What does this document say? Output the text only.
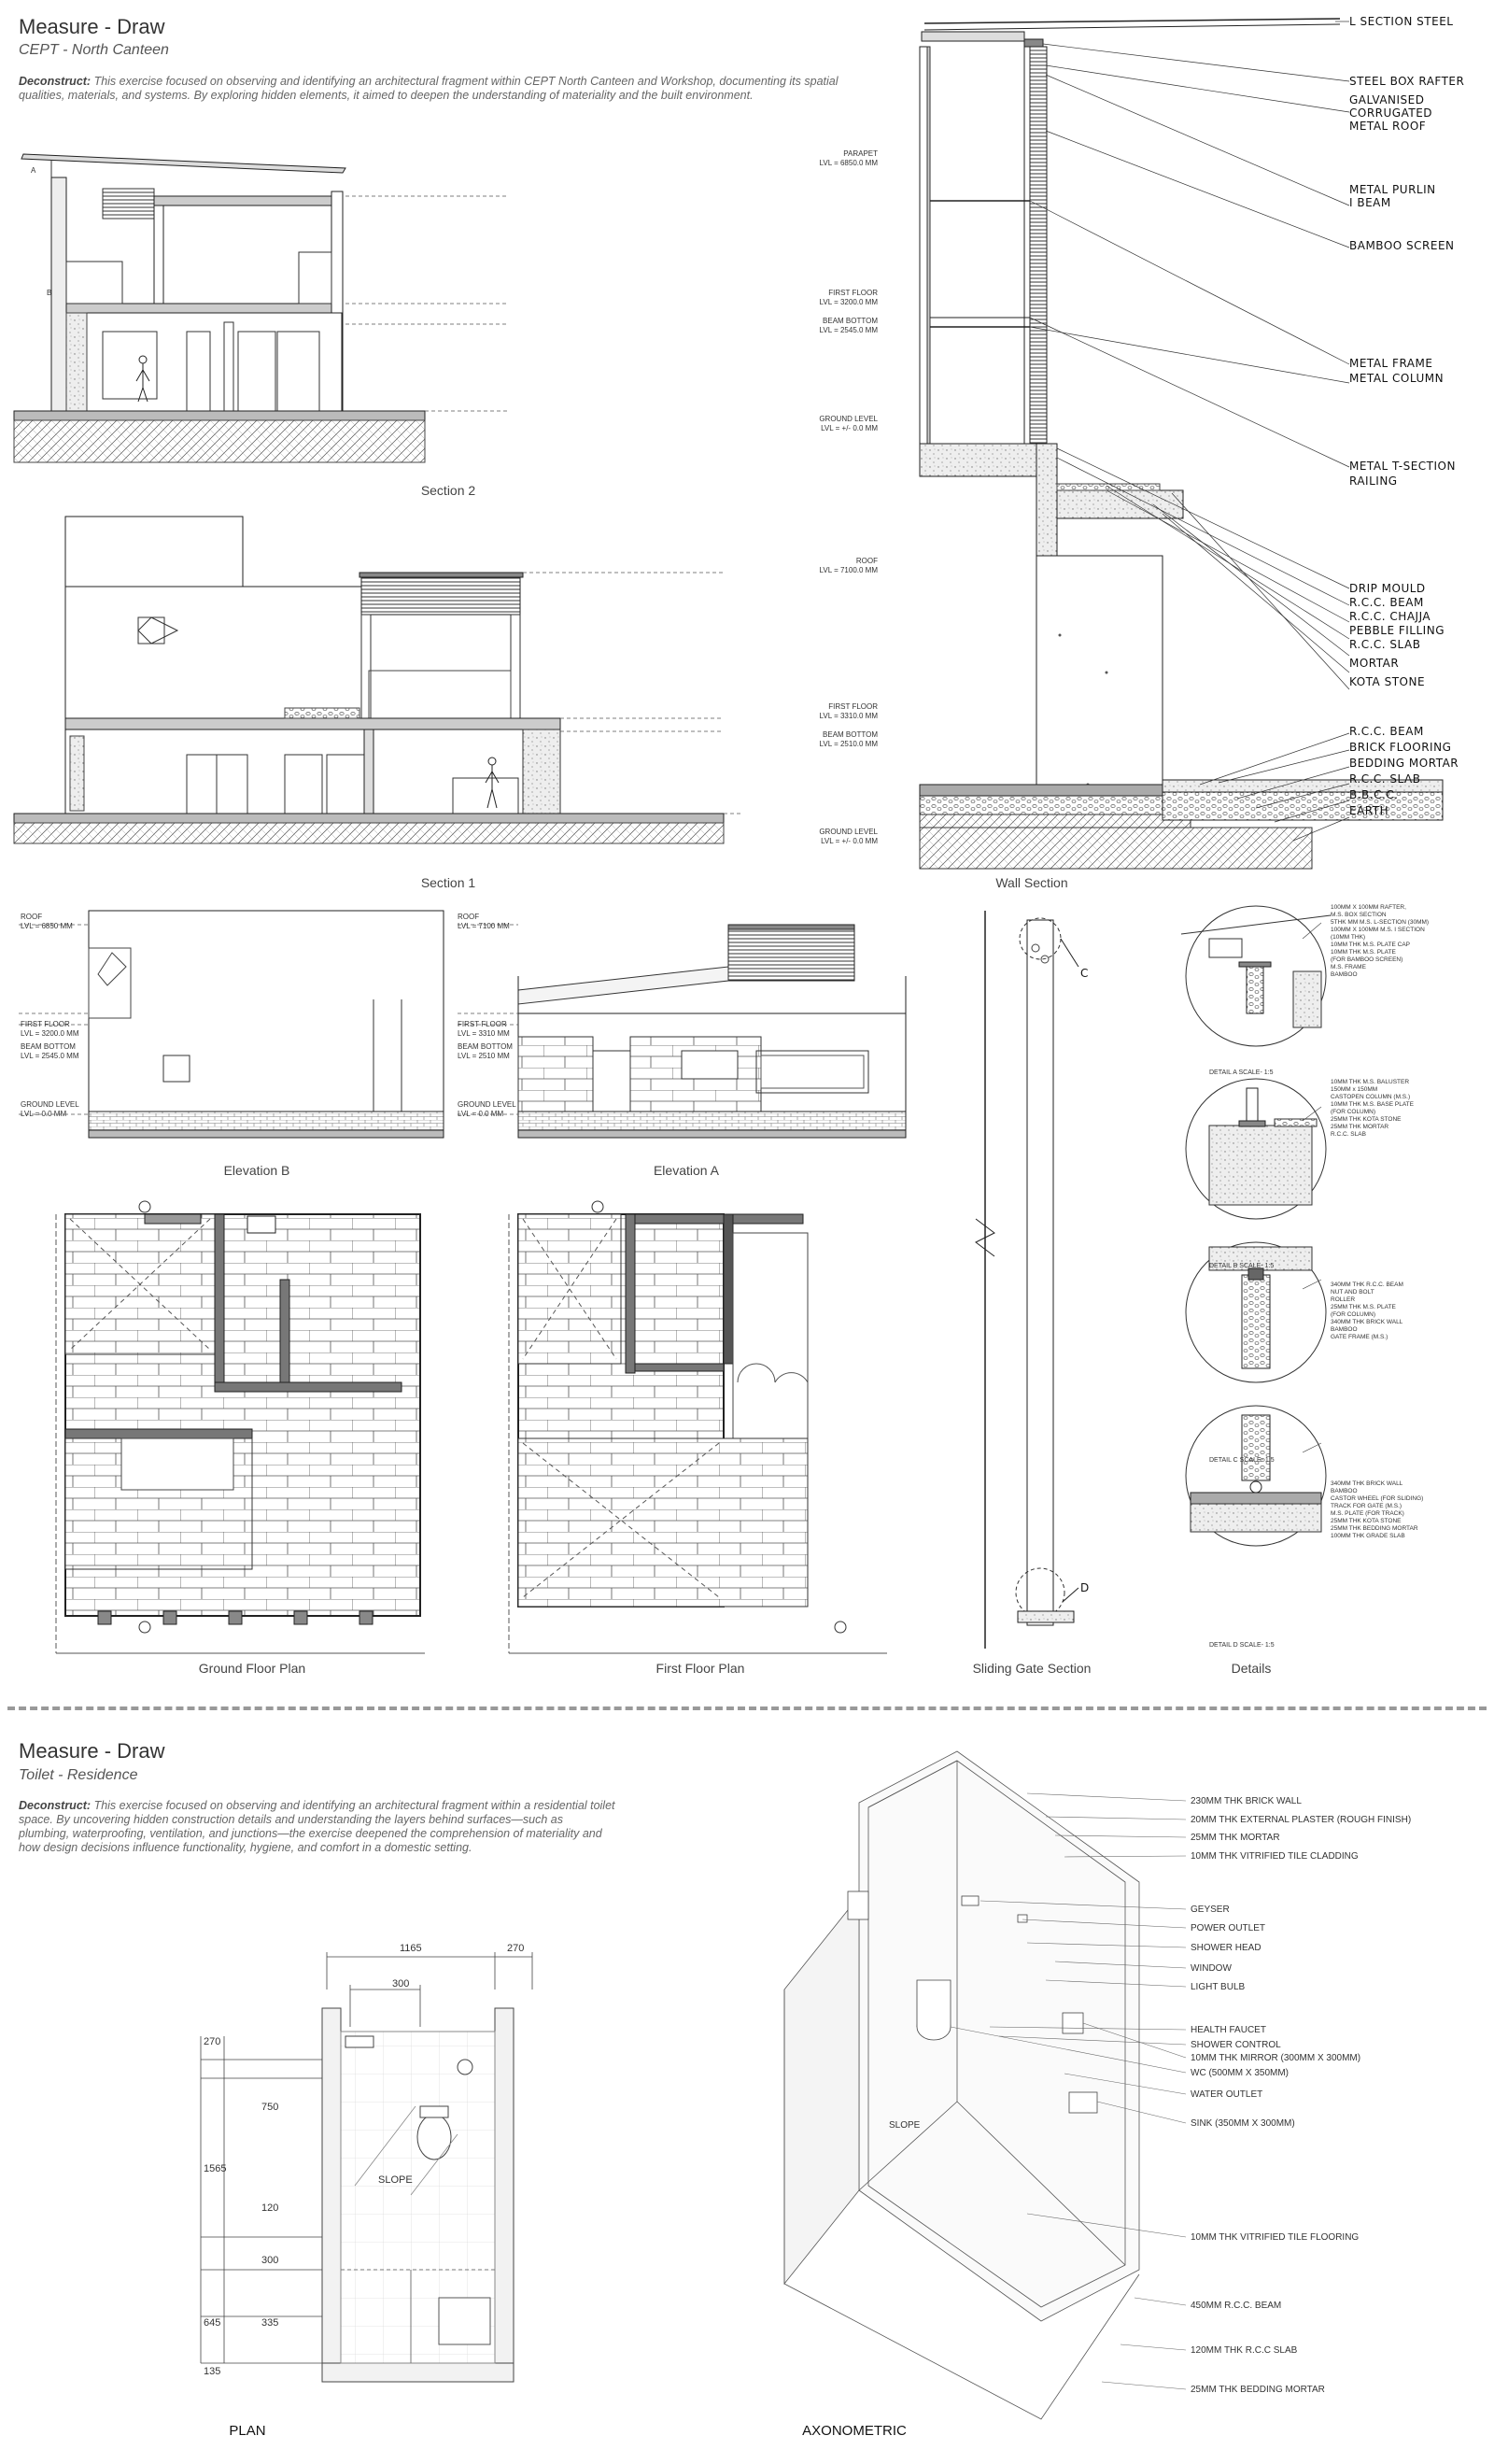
Measure - Draw
CEPT - North Canteen
Deconstruct: This exercise focused on observing and identifying an architectural fragment within CEPT North Canteen and Workshop, documenting its spatial qualities, materials, and systems. By exploring hidden elements, it aimed to deepen the understanding of materiality and the built environment.
A
B
PARAPET
LVL = 6850.0 MM
FIRST FLOOR
LVL = 3200.0 MM
BEAM BOTTOM
LVL = 2545.0 MM
GROUND LEVEL
LVL = +/- 0.0 MM
Section 2
ROOF
LVL = 7100.0 MM
FIRST FLOOR
LVL = 3310.0 MM
BEAM BOTTOM
LVL = 2510.0 MM
GROUND LEVEL
LVL = +/- 0.0 MM
Section 1
L SECTION STEEL
STEEL BOX RAFTER
GALVANISED
CORRUGATED
METAL ROOF
METAL PURLIN
I BEAM
BAMBOO SCREEN
METAL FRAME
METAL COLUMN
METAL T-SECTION
RAILING
DRIP MOULD
R.C.C. BEAM
R.C.C. CHAJJA
PEBBLE FILLING
R.C.C. SLAB
MORTAR
KOTA STONE
R.C.C. BEAM
BRICK FLOORING
BEDDING MORTAR
R.C.C. SLAB
B.B.C.C.
EARTH
Wall Section
ROOF
LVL = 6850 MM
FIRST FLOOR
LVL = 3200.0 MM
BEAM BOTTOM
LVL = 2545.0 MM
GROUND LEVEL
LVL = 0.0 MM
Elevation B
ROOF
LVL = 7100 MM
FIRST FLOOR
LVL = 3310 MM
BEAM BOTTOM
LVL = 2510 MM
GROUND LEVEL
LVL = 0.0 MM
Elevation A
Ground Floor Plan	First Floor Plan
C
D
Sliding Gate Section
100MM X 100MM RAFTER,
M.S. BOX SECTION
5THK MM M.S. L-SECTION (30MM)
100MM X 100MM M.S. I SECTION
(10MM THK)
10MM THK M.S. PLATE CAP
10MM THK M.S. PLATE
(FOR BAMBOO SCREEN)
M.S. FRAME
BAMBOO
DETAIL A SCALE- 1:5
10MM THK M.S. BALUSTER
150MM x 150MM
CASTOPEN COLUMN (M.S.)
10MM THK M.S. BASE PLATE
(FOR COLUMN)
25MM THK KOTA STONE
25MM THK MORTAR
R.C.C. SLAB
DETAIL B SCALE- 1:5
340MM THK R.C.C. BEAM
NUT AND BOLT
ROLLER
25MM THK M.S. PLATE
(FOR COLUMN)
340MM THK BRICK WALL
BAMBOO
GATE FRAME (M.S.)
DETAIL C SCALE- 1:5
340MM THK BRICK WALL
BAMBOO
CASTOR WHEEL (FOR SLIDING)
TRACK FOR GATE (M.S.)
M.S. PLATE (FOR TRACK)
25MM THK KOTA STONE
25MM THK BEDDING MORTAR
100MM THK GRADE SLAB
DETAIL D SCALE- 1:5
Details
Measure - Draw
Toilet - Residence
Deconstruct: This exercise focused on observing and identifying an architectural fragment within a residential toilet space. By uncovering hidden construction details and understanding the layers behind surfaces—such as plumbing, waterproofing, ventilation, and junctions—the exercise deepened the comprehension of materiality and how design decisions influence functionality, hygiene, and comfort in a domestic setting.
1165	270
300
270
750
1565
120
300
645	335
135
SLOPE
PLAN
SLOPE
230MM THK BRICK WALL
20MM THK EXTERNAL PLASTER (ROUGH FINISH)
25MM THK MORTAR
10MM THK VITRIFIED TILE CLADDING
GEYSER
POWER OUTLET
SHOWER HEAD
WINDOW
LIGHT BULB
HEALTH FAUCET
SHOWER CONTROL
10MM THK MIRROR (300MM X 300MM)
WC (500MM X 350MM)
WATER OUTLET
SINK (350MM X 300MM)
10MM THK VITRIFIED TILE FLOORING
450MM R.C.C. BEAM
120MM THK R.C.C SLAB
25MM THK BEDDING MORTAR
AXONOMETRIC
